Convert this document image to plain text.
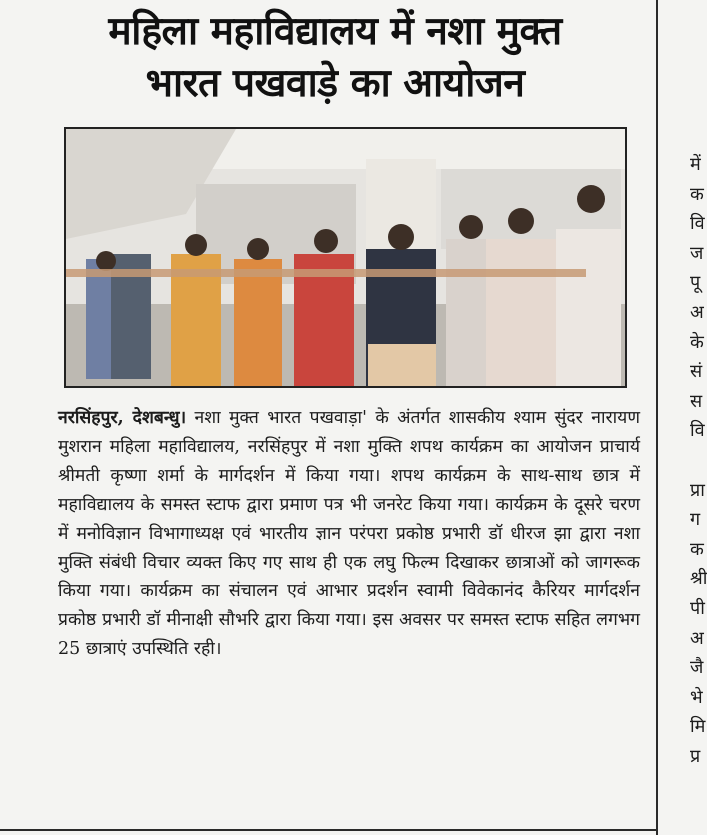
महिला महाविद्यालय में नशा मुक्त
भारत पखवाड़े का आयोजन
नरसिंहपुर, देशबन्धु। नशा मुक्त भारत पखवाड़ा' के अंतर्गत शासकीय श्याम सुंदर नारायण मुशरान महिला महाविद्यालय, नरसिंहपुर में नशा मुक्ति शपथ कार्यक्रम का आयोजन प्राचार्य श्रीमती कृष्णा शर्मा के मार्गदर्शन में किया गया। शपथ कार्यक्रम के साथ-साथ छात्र में महाविद्यालय के समस्त स्टाफ द्वारा प्रमाण पत्र भी जनरेट किया गया। कार्यक्रम के दूसरे चरण में मनोविज्ञान विभागाध्यक्ष एवं भारतीय ज्ञान परंपरा प्रकोष्ठ प्रभारी डॉ धीरज झा द्वारा नशा मुक्ति संबंधी विचार व्यक्त किए गए साथ ही एक लघु फिल्म दिखाकर छात्राओं को जागरूक किया गया। कार्यक्रम का संचालन एवं आभार प्रदर्शन स्वामी विवेकानंद कैरियर मार्गदर्शन प्रकोष्ठ प्रभारी डॉ मीनाक्षी सौभरि द्वारा किया गया। इस अवसर पर समस्त स्टाफ सहित लगभग 25 छात्राएं उपस्थिति रही।
में
क
वि
ज
पू
अ
के
सं
स
वि
प्रा
ग
क
श्री
पी
अ
जै
भे
मि
प्र
